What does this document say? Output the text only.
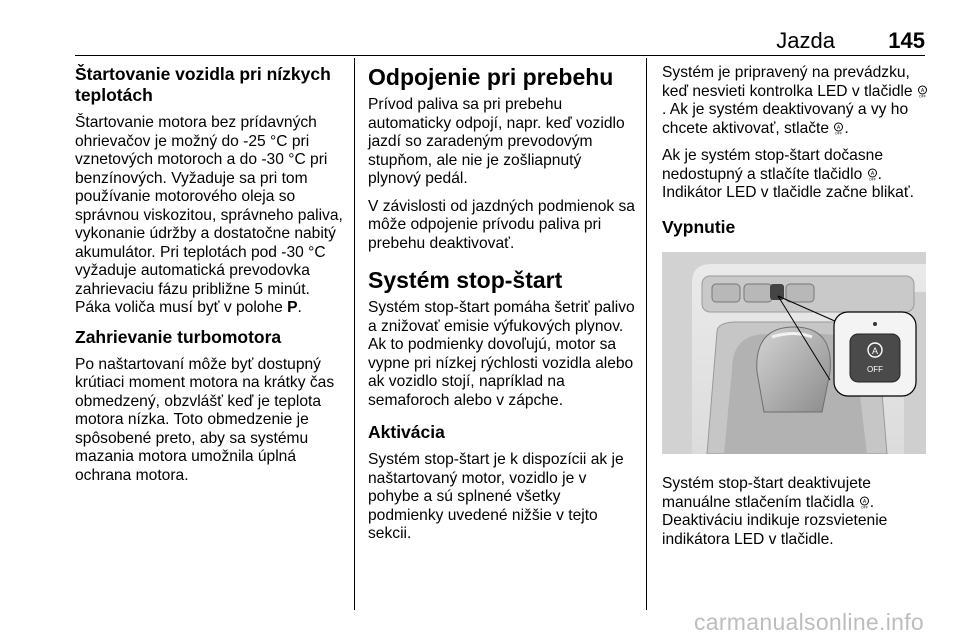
Jazda 145
Štartovanie vozidla pri nízkych teplotách

Štartovanie motora bez prídavných ohrievačov je možný do -25 °C pri vznetových motoroch a do -30 °C pri benzínových. Vyžaduje sa pri tom používanie motorového oleja so správnou viskozitou, správneho paliva, vykonanie údržby a dostatočne nabitý akumulátor. Pri teplotách pod -30 °C vyžaduje automatická prevodovka zahrievaciu fázu približne 5 minút. Páka voliča musí byť v polohe P.

Zahrievanie turbomotora

Po naštartovaní môže byť dostupný krútiaci moment motora na krátky čas obmedzený, obzvlášť keď je teplota motora nízka. Toto obmedzenie je spôsobené preto, aby sa systému mazania motora umožnila úplná ochrana motora.

Odpojenie pri prebehu

Prívod paliva sa pri prebehu automaticky odpojí, napr. keď vozidlo jazdí so zaradeným prevodovým stupňom, ale nie je zošliapnutý plynový pedál.

V závislosti od jazdných podmienok sa môže odpojenie prívodu paliva pri prebehu deaktivovať.

Systém stop-štart

Systém stop-štart pomáha šetriť palivo a znižovať emisie výfukových plynov. Ak to podmienky dovoľujú, motor sa vypne pri nízkej rýchlosti vozidla alebo ak vozidlo stojí, napríklad na semaforoch alebo v zápche.

Aktivácia

Systém stop-štart je k dispozícii ak je naštartovaný motor, vozidlo je v pohybe a sú splnené všetky podmienky uvedené nižšie v tejto sekcii.

Systém je pripravený na prevádzku, keď nesvieti kontrolka LED v tlačidle A
OFF
. Ak je systém deaktivovaný a vy ho chcete aktivovať, stlačte A
OFF .

Ak je systém stop-štart dočasne nedostupný a stlačíte tlačidlo A
OFF . Indikátor LED v tlačidle začne blikať.

Vypnutie
A
OFF

Systém stop-štart deaktivujete manuálne stlačením tlačidla A
OFF . Deaktiváciu indikuje rozsvietenie indikátora LED v tlačidle.

carmanualsonline.info
